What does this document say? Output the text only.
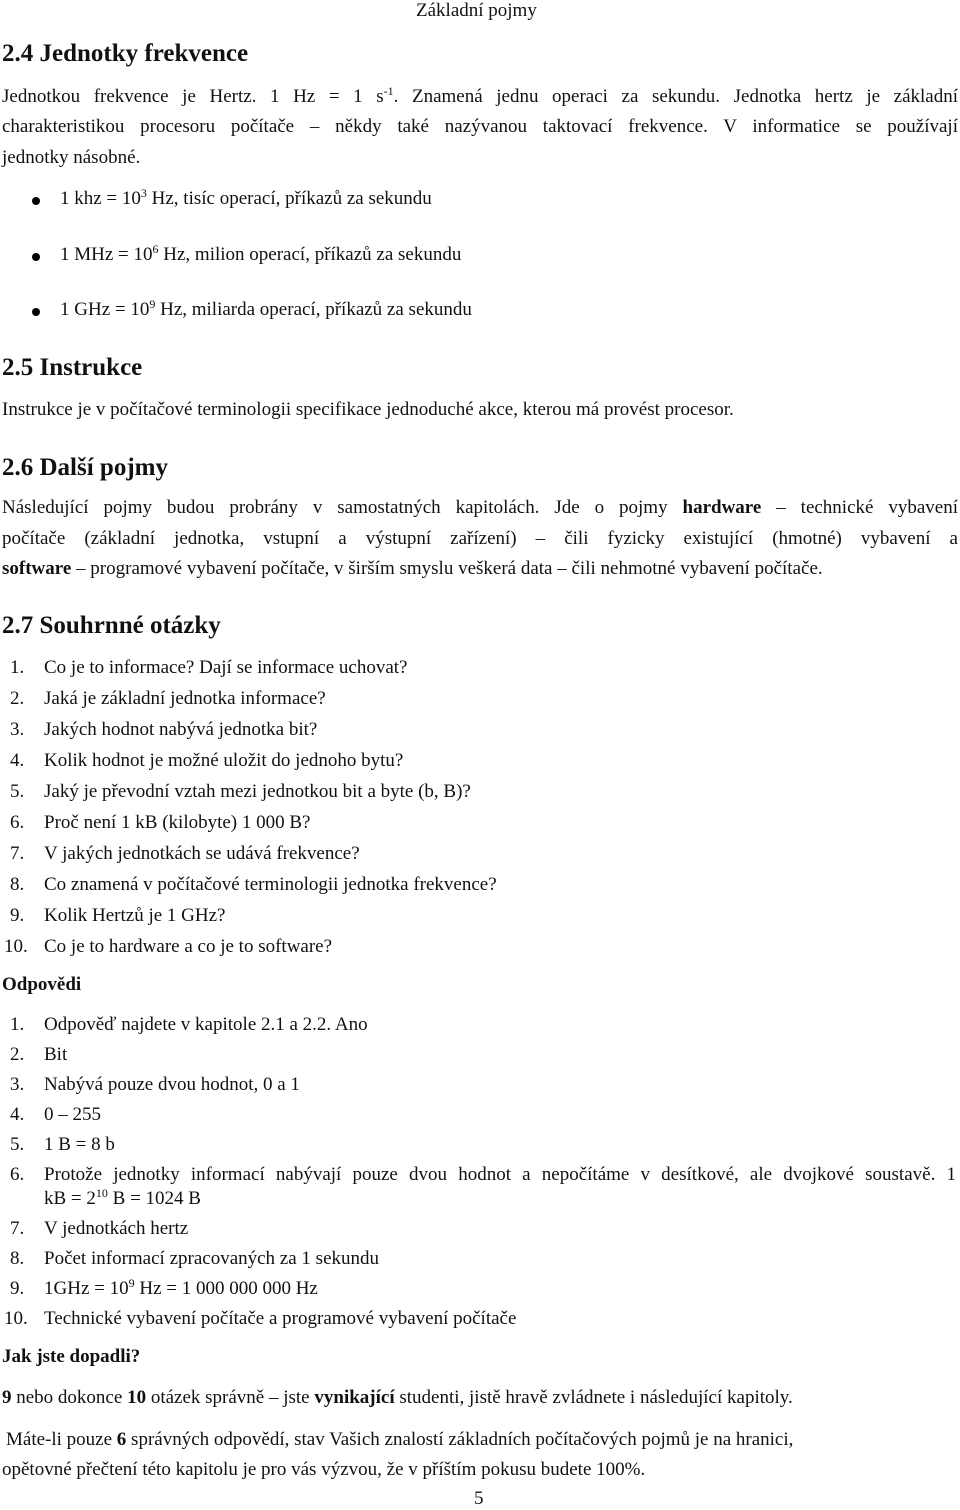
Základní pojmy
2.4 Jednotky frekvence
Jednotkou frekvence je Hertz. 1 Hz = 1 $s^{-1}$. Znamená jednu operaci za sekundu. Jednotka hertz je základní
charakteristikou procesoru počítače – někdy také nazývanou taktovací frekvence. V informatice se používají
jednotky násobné.
1 khz = $10^3$ Hz, tisíc operací, příkazů za sekundu
1 MHz = $10^6$ Hz, milion operací, příkazů za sekundu
1 GHz = $10^9$ Hz, miliarda operací, příkazů za sekundu
2.5 Instrukce
Instrukce je v počítačové terminologii specifikace jednoduché akce, kterou má provést procesor.
2.6 Další pojmy
Následující pojmy budou probrány v samostatných kapitolách. Jde o pojmy hardware – technické vybavení
počítače (základní jednotka, vstupní a výstupní zařízení) – čili fyzicky existující (hmotné) vybavení a
software – programové vybavení počítače, v širším smyslu veškerá data – čili nehmotné vybavení počítače.
2.7 Souhrnné otázky
1. Co je to informace? Dají se informace uchovat?
2. Jaká je základní jednotka informace?
3. Jakých hodnot nabývá jednotka bit?
4. Kolik hodnot je možné uložit do jednoho bytu?
5. Jaký je převodní vztah mezi jednotkou bit a byte (b, B)?
6. Proč není 1 kB (kilobyte) 1 000 B?
7. V jakých jednotkách se udává frekvence?
8. Co znamená v počítačové terminologii jednotka frekvence?
9. Kolik Hertzů je 1 GHz?
10. Co je to hardware a co je to software?
Odpovědi
1. Odpověď najdete v kapitole 2.1 a 2.2. Ano
2. Bit
3. Nabývá pouze dvou hodnot, 0 a 1
4. 0 – 255
5. 1 B = 8 b
6. Protože jednotky informací nabývají pouze dvou hodnot a nepočítáme v desítkové, ale dvojkové soustavě. 1
kB = $2^{10}$ B = 1024 B
7. V jednotkách hertz
8. Počet informací zpracovaných za 1 sekundu
9. $1GHz = 10^9$ Hz = 1 000 000 000 Hz
10. Technické vybavení počítače a programové vybavení počítače
Jak jste dopadli?
9 nebo dokonce 10 otázek správně – jste vynikající studenti, jistě hravě zvládnete i následující kapitoly.
Máte-li pouze 6 správných odpovědí, stav Vašich znalostí základních počítačových pojmů je na hranici,
opětovné přečtení této kapitolu je pro vás výzvou, že v příštím pokusu budete 100%.
5
